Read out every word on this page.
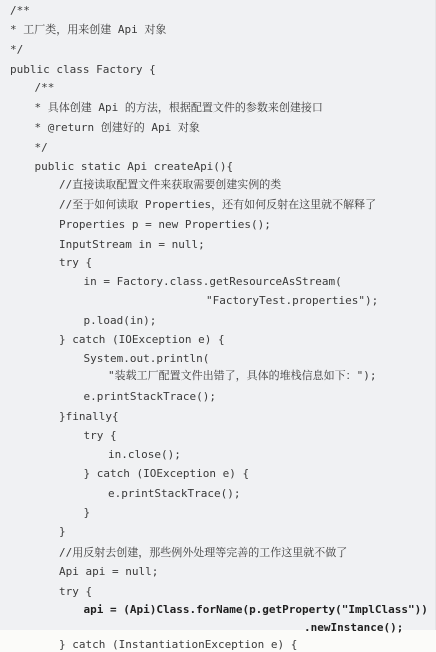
/**
* 工厂类，用来创建 Api 对象
*/
public class Factory {
/**
* 具体创建 Api 的方法，根据配置文件的参数来创建接口
* @return 创建好的 Api 对象
*/
public static Api createApi(){
//直接读取配置文件来获取需要创建实例的类
//至于如何读取 Properties，还有如何反射在这里就不解释了
Properties p = new Properties();
InputStream in = null;
try {
in = Factory.class.getResourceAsStream(
"FactoryTest.properties");
p.load(in);
} catch (IOException e) {
System.out.println(
"装载工厂配置文件出错了，具体的堆栈信息如下：");
e.printStackTrace();
}finally{
try {
in.close();
} catch (IOException e) {
e.printStackTrace();
}
}
//用反射去创建，那些例外处理等完善的工作这里就不做了
Api api = null;
try {
api = (Api)Class.forName(p.getProperty("ImplClass"))
.newInstance();
} catch (InstantiationException e) {
